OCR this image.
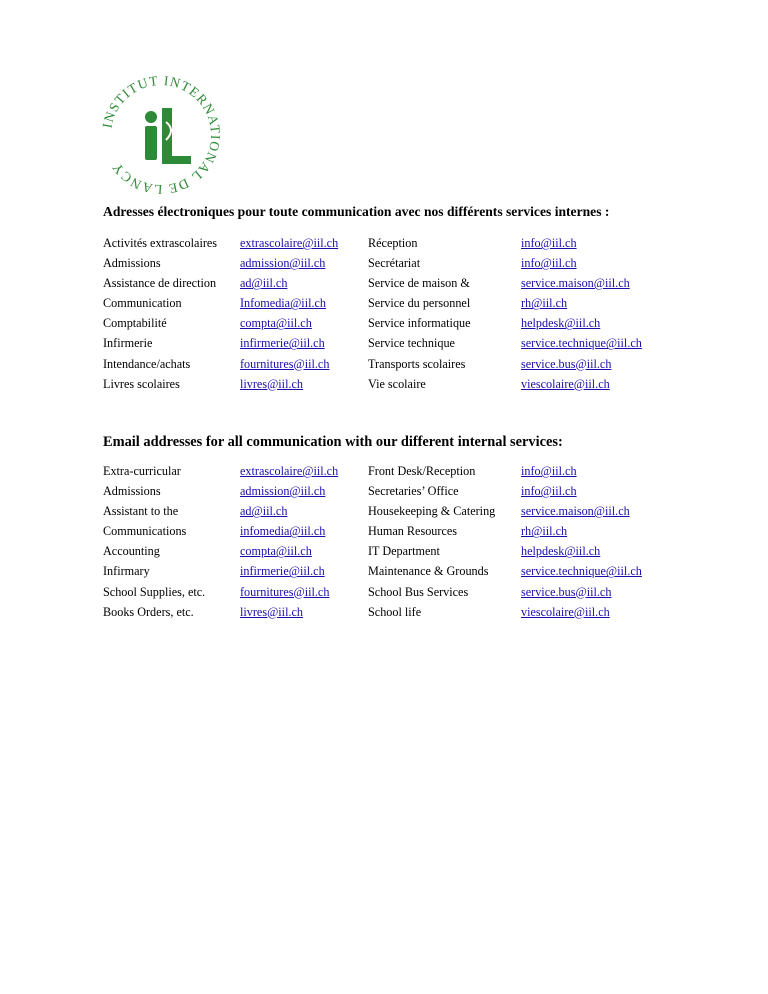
INSTITUT INTERNATIONAL DE LANCY
Adresses électroniques pour toute communication avec nos différents services internes :
Activités extrascolaires extrascolaire@iil.ch Réception	info@iil.ch
Admissions	admission@iil.ch	Secrétariat	info@iil.ch
Assistance de direction ad@iil.ch	Service de maison &	service.maison@iil.ch
Communication	Infomedia@iil.ch	Service du personnel	rh@iil.ch
Comptabilité	compta@iil.ch	Service informatique	helpdesk@iil.ch
Infirmerie	infirmerie@iil.ch	Service technique	service.technique@iil.ch
Intendance/achats	fournitures@iil.ch	Transports scolaires	service.bus@iil.ch
Livres scolaires	livres@iil.ch	Vie scolaire	viescolaire@iil.ch
Email addresses for all communication with our different internal services:
Extra-curricular	extrascolaire@iil.ch Front Desk/Reception	info@iil.ch
Admissions	admission@iil.ch	Secretaries’ Office	info@iil.ch
Assistant to the	ad@iil.ch	Housekeeping & Catering service.maison@iil.ch
Communications	infomedia@iil.ch	Human Resources	rh@iil.ch
Accounting	compta@iil.ch	IT Department	helpdesk@iil.ch
Infirmary	infirmerie@iil.ch	Maintenance & Grounds	service.technique@iil.ch
School Supplies, etc.	fournitures@iil.ch	School Bus Services	service.bus@iil.ch
Books Orders, etc.	livres@iil.ch	School life	viescolaire@iil.ch
